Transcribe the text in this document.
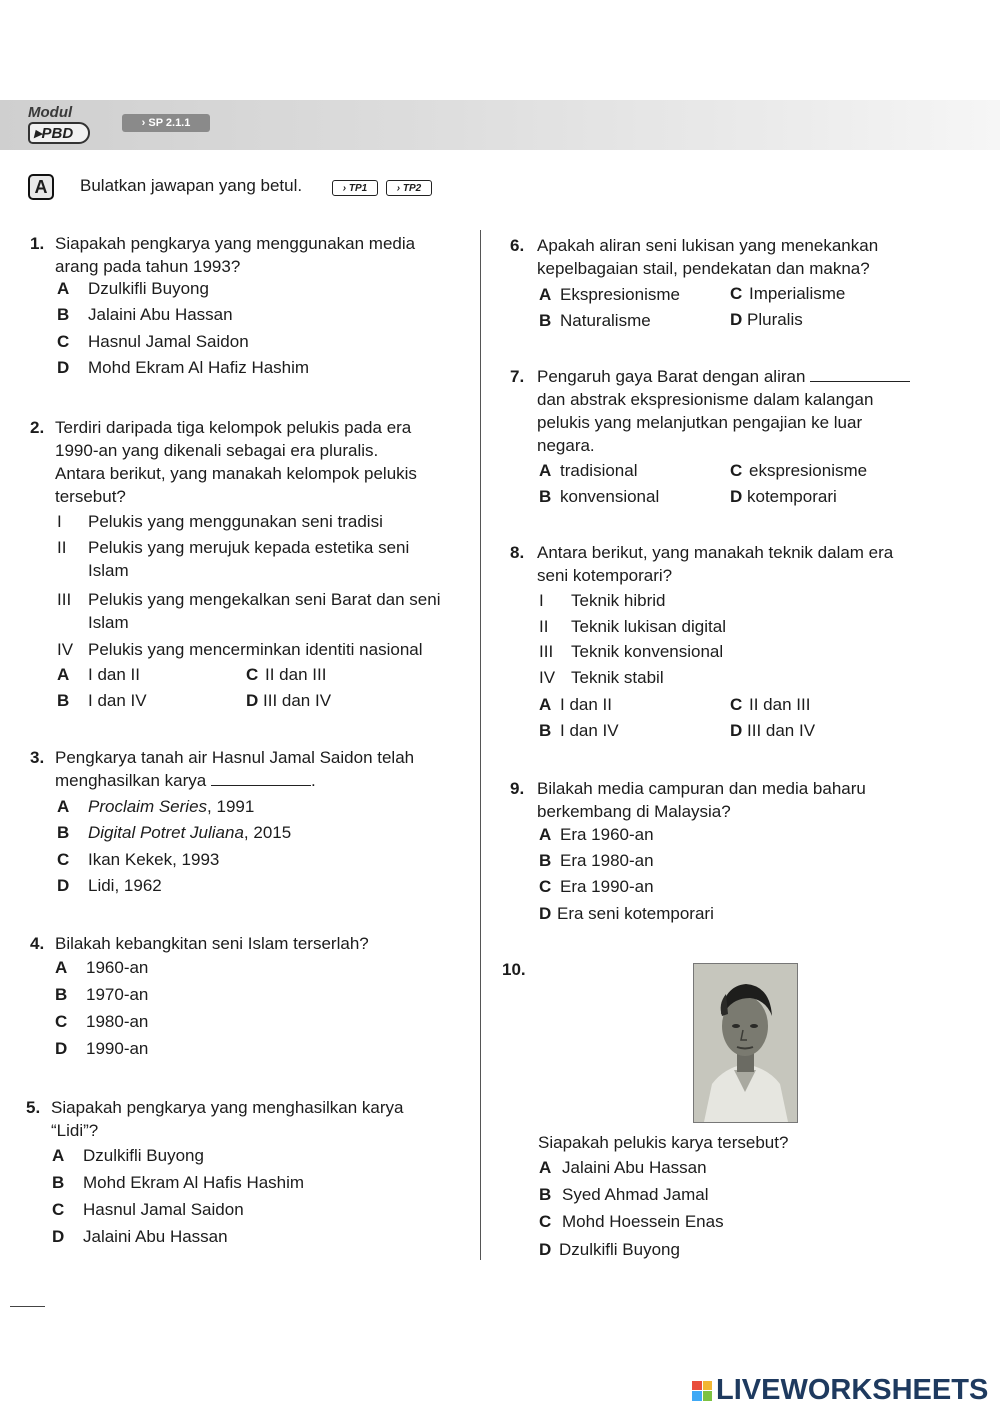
Modul
▸ PBD
› SP 2.1.1
A	Bulatkan jawapan yang betul.	› TP1	› TP2
1. Siapakah pengkarya yang menggunakan media
arang pada tahun 1993?
A Dzulkifli Buyong
B Jalaini Abu Hassan
C Hasnul Jamal Saidon
D Mohd Ekram Al Hafiz Hashim
2. Terdiri daripada tiga kelompok pelukis pada era
1990-an yang dikenali sebagai era pluralis.
Antara berikut, yang manakah kelompok pelukis
tersebut?
I Pelukis yang menggunakan seni tradisi
II Pelukis yang merujuk kepada estetika seni
Islam
III Pelukis yang mengekalkan seni Barat dan seni
Islam
IV Pelukis yang mencerminkan identiti nasional
A I dan II
B I dan IV
C II dan III
D III dan IV
3. Pengkarya tanah air Hasnul Jamal Saidon telah
menghasilkan karya	.
A Proclaim Series, 1991
B Digital Potret Juliana, 2015
C Ikan Kekek, 1993
D Lidi, 1962
4. Bilakah kebangkitan seni Islam terserlah?
A 1960-an
B 1970-an
C 1980-an
D 1990-an
5. Siapakah pengkarya yang menghasilkan karya
“Lidi”?
A Dzulkifli Buyong
B Mohd Ekram Al Hafis Hashim
C Hasnul Jamal Saidon
D Jalaini Abu Hassan
6. Apakah aliran seni lukisan yang menekankan
kepelbagaian stail, pendekatan dan makna?
A Ekspresionisme
B Naturalisme
C Imperialisme
D Pluralis
7. Pengaruh gaya Barat dengan aliran
dan abstrak ekspresionisme dalam kalangan
pelukis yang melanjutkan pengajian ke luar
negara.
A tradisional
B konvensional
C ekspresionisme
D kotemporari
8. Antara berikut, yang manakah teknik dalam era
seni kotemporari?
I Teknik hibrid
II Teknik lukisan digital
III Teknik konvensional
IV Teknik stabil
A I dan II
B I dan IV
C II dan III
D III dan IV
9. Bilakah media campuran dan media baharu
berkembang di Malaysia?
A Era 1960-an
B Era 1980-an
C Era 1990-an
D Era seni kotemporari
10.
Siapakah pelukis karya tersebut?
A Jalaini Abu Hassan
B Syed Ahmad Jamal
C Mohd Hoessein Enas
D Dzulkifli Buyong
LIVEWORKSHEETS
